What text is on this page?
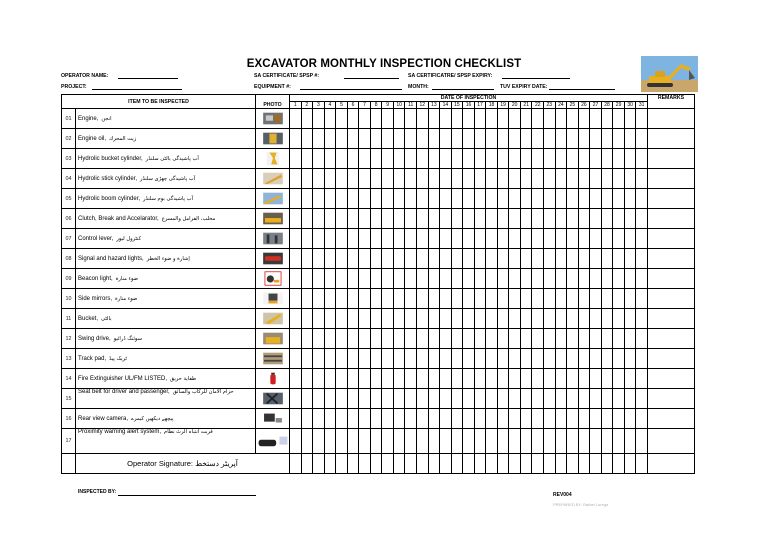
EXCAVATOR MONTHLY INSPECTION CHECKLIST
OPERATOR NAME:
PROJECT:
SA CERTIFICATE/ SPSP #:
EQUIPMENT #:
SA CERTIFICATRE/ SPSP EXPIRY:
MONTH:	TUV EXPIRY DATE:
ITEM TO BE INSPECTED			DATE OF INSPECTION																															REMARKS
		PHOTO	1	2	3	4	5	6	7	8	9	10	11	12	13	14	15	16	17	18	19	20	21	22	23	24	25	26	27	28	29	30	31	
01	Engine, انجن	

02	Engine oil, زيت المحرك	

03	Hydrolic bucket cylinder, آب پاشیدگی بالٹی سلنڈر	

04	Hydrolic stick cylinder, آب پاشیدگی چھڑی سلنڈر	

05	Hydrolic boom cylinder, آب پاشیدگی بوم سلنڈر	

06	Clutch, Break and Accelarator, مخلب، الفرامل والمسرع	

07	Control lever, کنٹرول لیور	

08	Signal and hazard lights, إشارة و ضوء الخطر	

09	Beacon light, ضوء منارة	

10	Side mirrors, ضوء منارة	

11	Bucket, بالٹی	

12	Swing drive, سوئنگ ڈرائیو	

13	Track pad, ٹریک پیڈ	

14	Fire Extinguisher UL/FM LISTED, طفاية حريق	

15	Seat belt for driver and passenger, حزام الأمان للركاب والسائق	

16	Rear view camera, پیچھے دیکھیں کیمرے	

17	Proximity warning alert system, قربت انتباہ الرٹ نظام	

	Operator Signature: آپریٹر دستخط																																	
INSPECTED BY:	REV004
PREPARED BY: Rafael Lorega
